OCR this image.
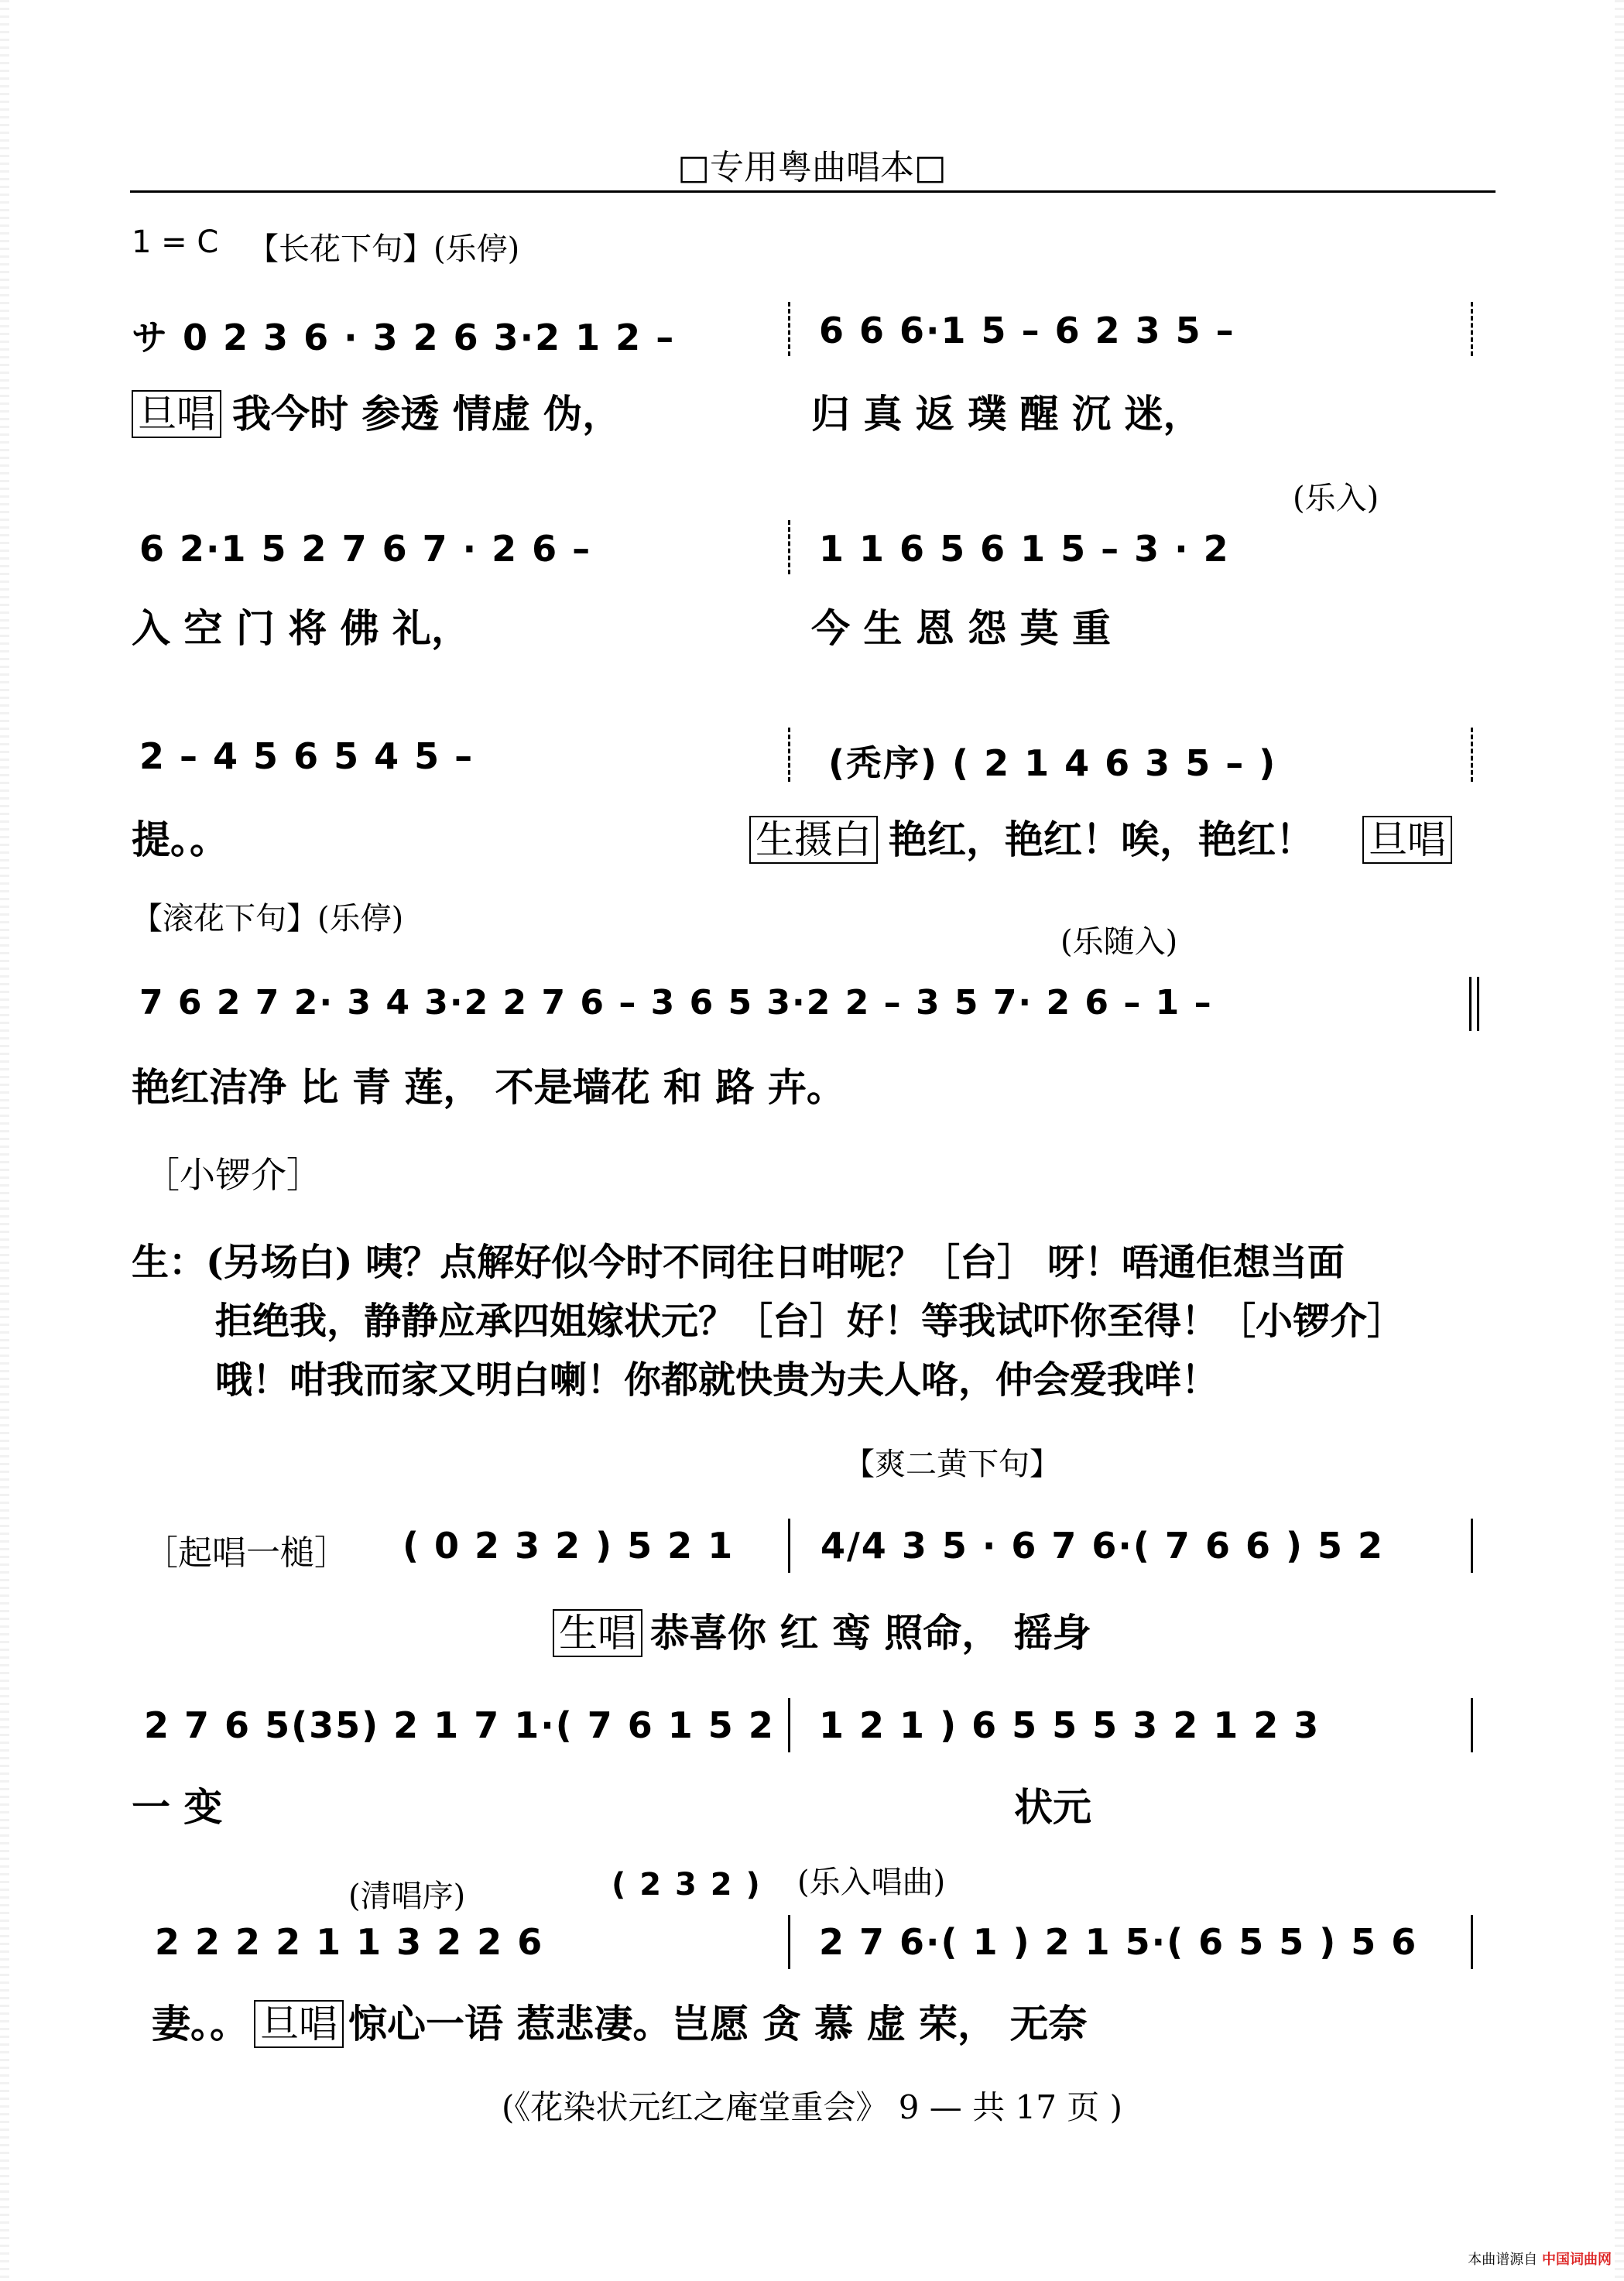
□专用粤曲唱本□
1 = C 【长花下句】(乐停)
サ 0 2 3 6 · 3 2 6 3·2 1 2 –	6 6 6·1 5 – 6 2 3 5 –
旦唱 我今时 参透 情虚 伪，	归 真 返 璞 醒 沉 迷，
(乐入)
6 2·1 5 2 7 6 7 · 2 6 –	1 1 6 5 6 1 5 – 3 · 2
入 空 门 将 佛 礼，	今 生 恩 怨 莫 重
2 – 4 5 6 5 4 5 –	(秃序) ( 2 1 4 6 3 5 – )
提。。	生摄白 艳红，艳红！唉，艳红！ 旦唱
【滚花下句】(乐停)
(乐随入)
7 6 2 7 2· 3 4 3·2 2 7 6 – 3 6 5 3·2 2 – 3 5 7· 2 6 – 1 –
艳红洁净 比 青 莲， 不是墙花 和 路 卉。
［小锣介］
生：(另场白) 咦？点解好似今时不同往日咁呢？［台］ 呀！唔通佢想当面
拒绝我，静静应承四姐嫁状元？［台］好！等我试吓你至得！［小锣介］
哦！咁我而家又明白喇！你都就快贵为夫人咯，仲会爱我咩！
【爽二黄下句】
［起唱一槌］ ( 0 2 3 2 ) 5 2 1 4/4 3 5 · 6 7 6·( 7 6 6 ) 5 2
生唱 恭喜你 红 鸾 照命， 摇身
2 7 6 5(35) 2 1 7 1·( 7 6 1 5 2 1 2 1 ) 6 5 5 5 3 2 1 2 3
一 变	状元
(清唱序)	( 2 3 2 ) (乐入唱曲)
2 2 2 2 1 1 3 2 2 6	2 7 6·( 1 ) 2 1 5·( 6 5 5 ) 5 6
妻。。 旦唱 惊心一语 惹悲凄。岂愿 贪 慕 虚 荣， 无奈
(《花染状元红之庵堂重会》 9 — 共 17 页 )
本曲谱源自 中国词曲网
